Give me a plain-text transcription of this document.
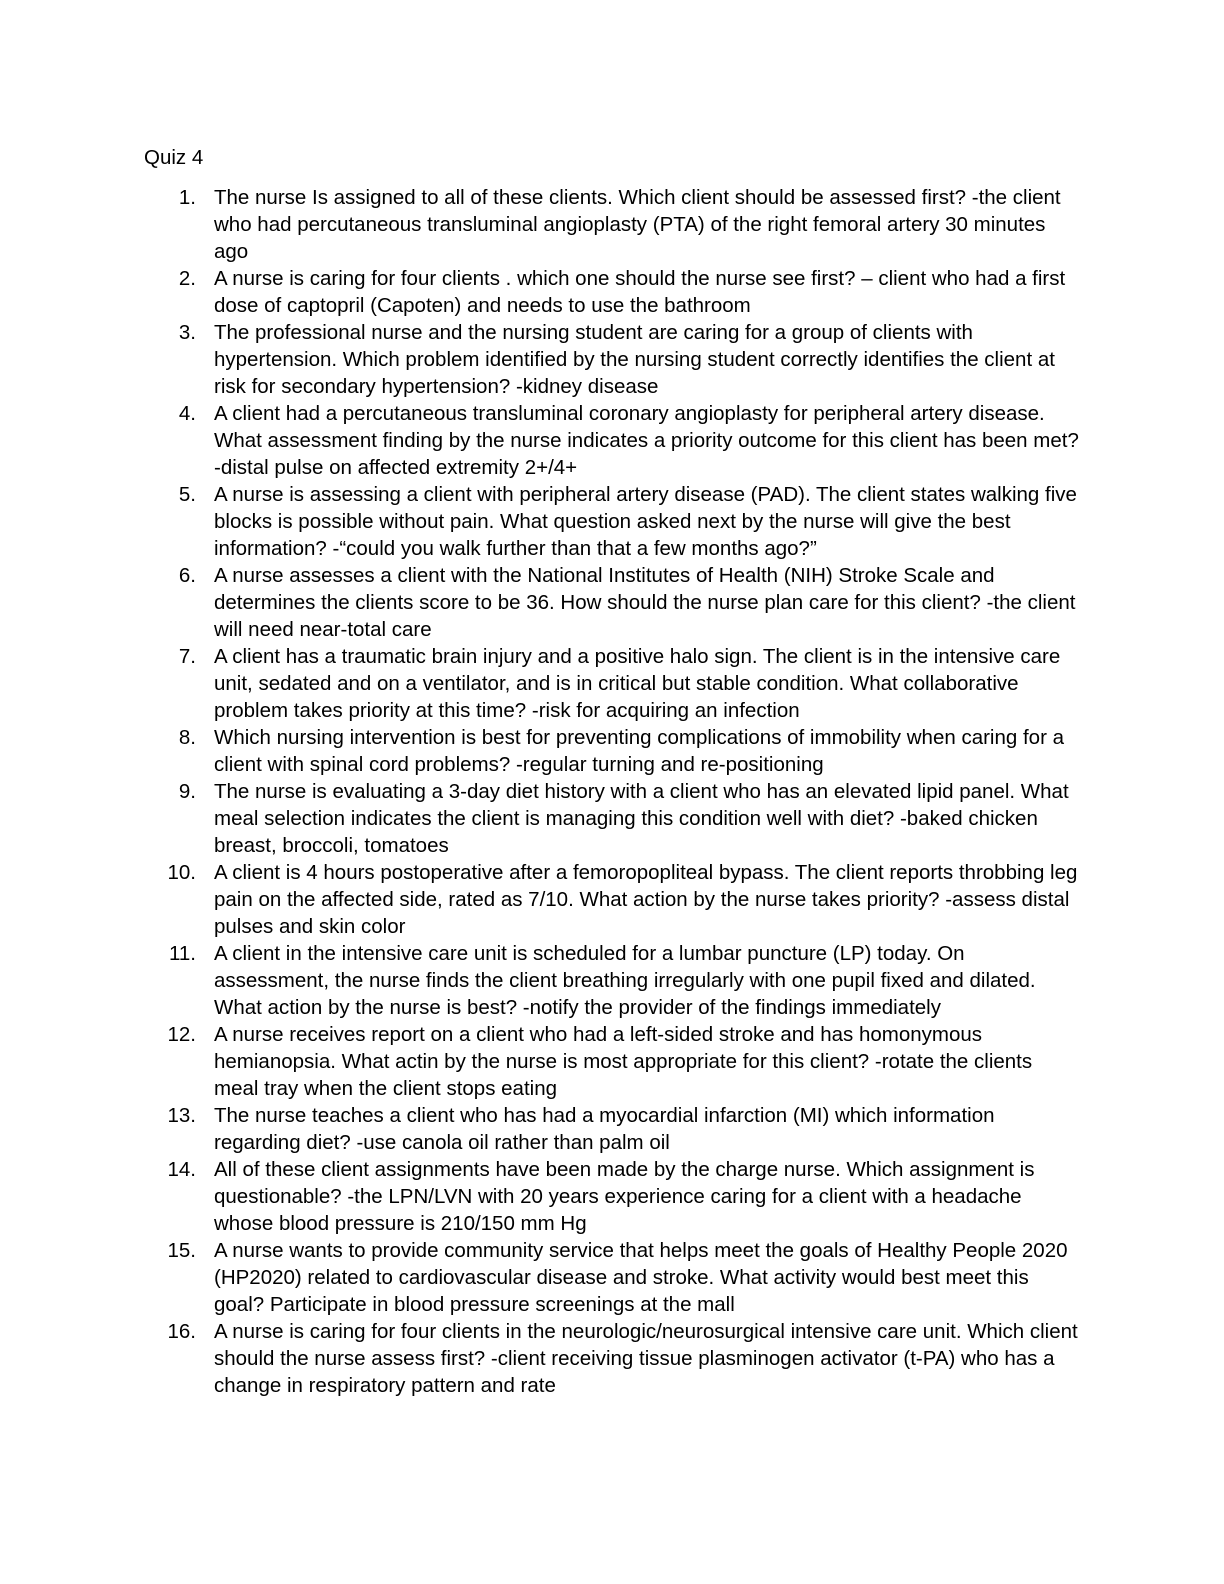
Quiz 4
1. The nurse Is assigned to all of these clients. Which client should be assessed first? -the client who had percutaneous transluminal angioplasty (PTA) of the right femoral artery 30 minutes ago
2. A nurse is caring for four clients . which one should the nurse see first? – client who had a first dose of captopril (Capoten) and needs to use the bathroom
3. The professional nurse and the nursing student are caring for a group of clients with hypertension. Which problem identified by the nursing student correctly identifies the client at risk for secondary hypertension? -kidney disease
4. A client had a percutaneous transluminal coronary angioplasty for peripheral artery disease. What assessment finding by the nurse indicates a priority outcome for this client has been met? -distal pulse on affected extremity 2+/4+
5. A nurse is assessing a client with peripheral artery disease (PAD). The client states walking five blocks is possible without pain. What question asked next by the nurse will give the best information? -“could you walk further than that a few months ago?”
6. A nurse assesses a client with the National Institutes of Health (NIH) Stroke Scale and determines the clients score to be 36. How should the nurse plan care for this client? -the client will need near-total care
7. A client has a traumatic brain injury and a positive halo sign. The client is in the intensive care unit, sedated and on a ventilator, and is in critical but stable condition. What collaborative problem takes priority at this time? -risk for acquiring an infection
8. Which nursing intervention is best for preventing complications of immobility when caring for a client with spinal cord problems? -regular turning and re-positioning
9. The nurse is evaluating a 3-day diet history with a client who has an elevated lipid panel. What meal selection indicates the client is managing this condition well with diet? -baked chicken breast, broccoli, tomatoes
10. A client is 4 hours postoperative after a femoropopliteal bypass. The client reports throbbing leg pain on the affected side, rated as 7/10. What action by the nurse takes priority? -assess distal pulses and skin color
11. A client in the intensive care unit is scheduled for a lumbar puncture (LP) today. On assessment, the nurse finds the client breathing irregularly with one pupil fixed and dilated. What action by the nurse is best? -notify the provider of the findings immediately
12. A nurse receives report on a client who had a left-sided stroke and has homonymous hemianopsia. What actin by the nurse is most appropriate for this client? -rotate the clients meal tray when the client stops eating
13. The nurse teaches a client who has had a myocardial infarction (MI) which information regarding diet? -use canola oil rather than palm oil
14. All of these client assignments have been made by the charge nurse. Which assignment is questionable? -the LPN/LVN with 20 years experience caring for a client with a headache whose blood pressure is 210/150 mm Hg
15. A nurse wants to provide community service that helps meet the goals of Healthy People 2020 (HP2020) related to cardiovascular disease and stroke. What activity would best meet this goal? Participate in blood pressure screenings at the mall
16. A nurse is caring for four clients in the neurologic/neurosurgical intensive care unit. Which client should the nurse assess first? -client receiving tissue plasminogen activator (t-PA) who has a change in respiratory pattern and rate
